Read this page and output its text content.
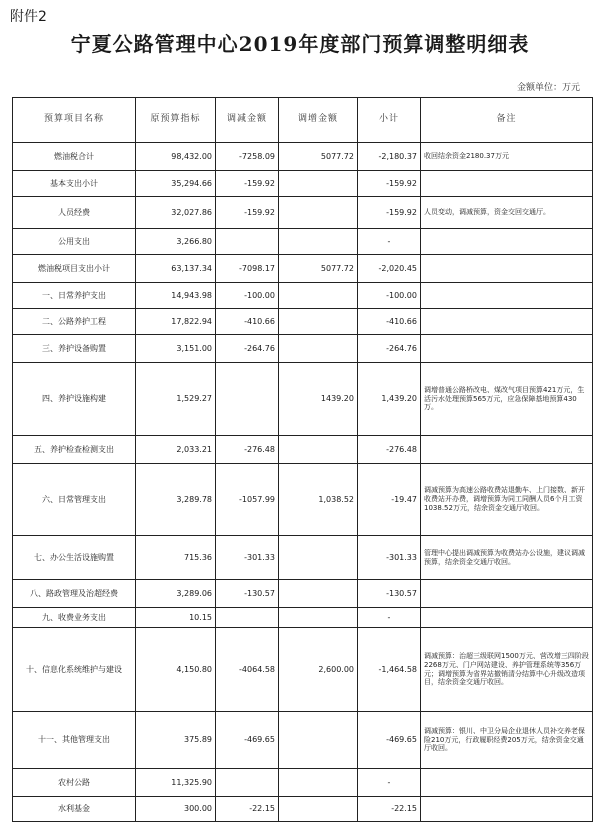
附件2
宁夏公路管理中心2019年度部门预算调整明细表
金额单位：万元
预算项目名称	原预算指标	调减金额	调增金额	小计	备注
燃油税合计	98,432.00	-7258.09	5077.72	-2,180.37	收回结余资金2180.37万元
基本支出小计	35,294.66	-159.92		-159.92	
人员经费	32,027.86	-159.92		-159.92	人员变动，调减预算，资金交回交通厅。
公用支出	3,266.80			-	
燃油税项目支出小计	63,137.34	-7098.17	5077.72	-2,020.45	
一、日常养护支出	14,943.98	-100.00		-100.00	
二、公路养护工程	17,822.94	-410.66		-410.66	
三、养护设备购置	3,151.00	-264.76		-264.76	
四、养护设施构建	1,529.27		1439.20	1,439.20	调增普通公路桥改电、煤改气项目预算421万元，生活污水处理预算565万元，应急保障基地预算430万。
五、养护检查检测支出	2,033.21	-276.48		-276.48	
六、日常管理支出	3,289.78	-1057.99	1,038.52	-19.47	调减预算为高速公路收费站退勤车、上门接数、新开收费站开办费，调增预算为同工同酬人员6个月工资1038.52万元，结余资金交通厅收回。
七、办公生活设施购置	715.36	-301.33		-301.33	管理中心提出调减预算为收费站办公设施，建议调减预算，结余资金交通厅收回。
八、路政管理及治超经费	3,289.06	-130.57		-130.57	
九、收费业务支出	10.15			-	
十、信息化系统维护与建设	4,150.80	-4064.58	2,600.00	-1,464.58	调减预算：治超三级联网1500万元、营改增三四阶段2268万元、门户网站建设、养护管理系统等356万元；调增预算为省界站撤销清分结算中心升级改造项目，结余资金交通厅收回。
十一、其他管理支出	375.89	-469.65		-469.65	调减预算：银川、中卫分局企业退休人员补交养老保险210万元，行政履职经费205万元，结余资金交通厅收回。
农村公路	11,325.90			-	
水利基金	300.00	-22.15		-22.15	
